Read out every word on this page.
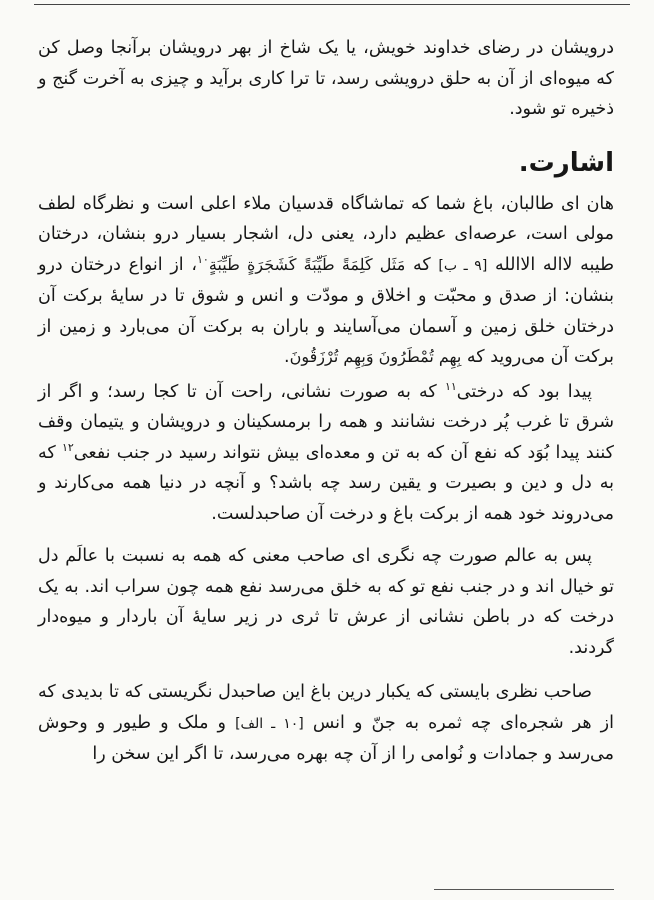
درویشان در رضای خداوند خویش، یا یک شاخ از بهر درویشان برآنجا وصل کن که میوه‌ای از آن به حلق درویشی رسد، تا ترا کاری برآید و چیزی به آخرت گنج و ذخیره تو شود.

اشارت.

هان ای طالبان، باغ شما که تماشاگاه قدسیان ملاء اعلی است و نظرگاه لطف مولی است، عرصه‌ای عظیم دارد، یعنی دل، اشجار بسیار درو بنشان، درختان طیبه لااله الاالله [۹ ـ ب] که مَثَل کَلِمَةً طَیِّبَةً کَشَجَرَةٍ طَیِّبَةٍ$^{۱۰}$، از انواع درختان درو بنشان: از صدق و محبّت و اخلاق و مودّت و انس و شوق تا در سایهٔ برکت آن درختان خلق زمین و آسمان می‌آسایند و باران به برکت آن می‌بارد و زمین از برکت آن می‌روید که بِهِم تُمْطَرُونَ وَبِهِم تُرْزَقُونَ.

پیدا بود که درختی$^{۱۱}$ که به صورت نشانی، راحت آن تا کجا رسد؛ و اگر از شرق تا غرب پُر درخت نشانند و همه را برمسکینان و درویشان و یتیمان وقف کنند پیدا بُوَد که نفع آن که به تن و معده‌ای بیش نتواند رسید در جنب نفعی$^{۱۲}$ که به دل و دین و بصیرت و یقین رسد چه باشد؟ و آنچه در دنیا همه می‌کارند و می‌دروند خود همه از برکت باغ و درخت آن صاحبدلست.

پس به عالم صورت چه نگری ای صاحب معنی که همه به نسبت با عالَم دل تو خیال اند و در جنب نفع تو که به خلق می‌رسد نفع همه چون سراب اند. به یک درخت که در باطن نشانی از عرش تا ثری در زیر سایهٔ آن باردار و میوه‌دار گردند.

صاحب نظری بایستی که یکبار درین باغ این صاحبدل نگریستی که تا بدیدی که از هر شجره‌ای چه ثمره به جنّ و انس [۱۰ ـ الف] و ملک و طیور و وحوش می‌رسد و جمادات و نُوامی را از آن چه بهره می‌رسد، تا اگر این سخن را
